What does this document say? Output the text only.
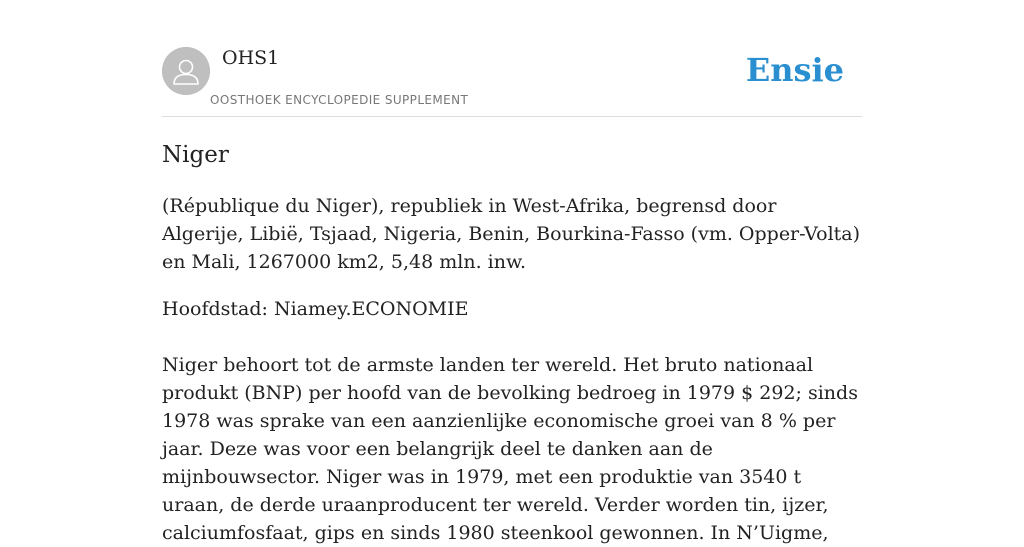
OHS1
OOSTHOEK ENCYCLOPEDIE SUPPLEMENT
Ensie
Niger

(République du Niger), republiek in West-Afrika, begrensd door Algerije, Libië, Tsjaad, Nigeria, Benin, Bourkina-Fasso (vm. Opper-Volta) en Mali, 1267000 km2, 5,48 mln. inw.

Hoofdstad: Niamey.ECONOMIE

Niger behoort tot de armste landen ter wereld. Het bruto nationaal produkt (BNP) per hoofd van de bevolking bedroeg in 1979 $ 292; sinds 1978 was sprake van een aanzienlijke economische groei van 8 % per jaar. Deze was voor een belangrijk deel te danken aan de mijnbouwsector. Niger was in 1979, met een produktie van 3540 t uraan, de derde uraanproducent ter wereld. Verder worden tin, ijzer, calciumfosfaat, gips en sinds 1980 steenkool gewonnen. In N’Uigme,
